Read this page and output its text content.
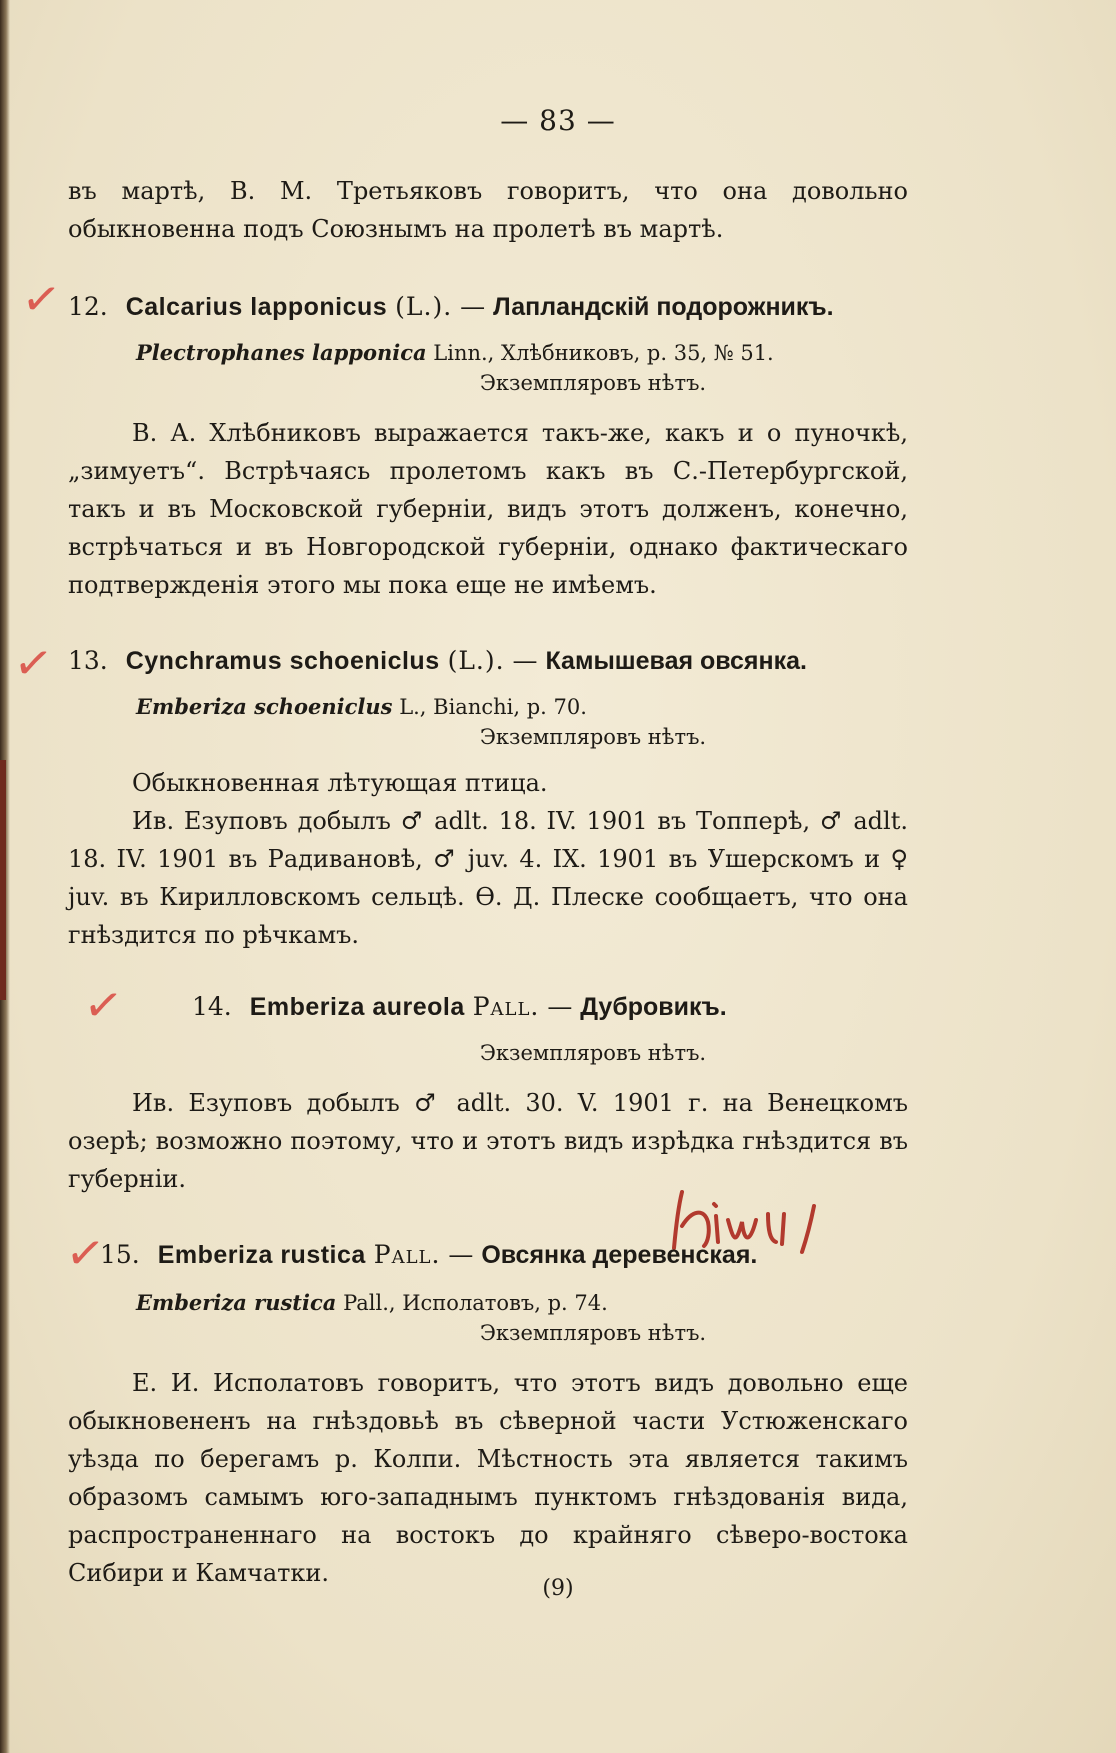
— 83 —
въ мартѣ, В. М. Третьяковъ говоритъ, что она довольно обыкновенна подъ Союзнымъ на пролетѣ въ мартѣ.
✓ 12. Calcarius lapponicus (L.). — Лапландскій подорожникъ.
Plectrophanes lapponica Linn., Хлѣбниковъ, р. 35, № 51.
Экземпляровъ нѣтъ.
В. А. Хлѣбниковъ выражается такъ-же, какъ и о пуночкѣ, „зимуетъ“. Встрѣчаясь пролетомъ какъ въ С.-Петербургской, такъ и въ Московской губерніи, видъ этотъ долженъ, конечно, встрѣчаться и въ Новгородской губерніи, однако фактическаго подтвержденія этого мы пока еще не имѣемъ.
✓ 13. Cynchramus schoeniclus (L.). — Камышевая овсянка.
Emberiza schoeniclus L., Bianchi, р. 70.
Экземпляровъ нѣтъ.
Обыкновенная лѣтующая птица.
Ив. Езуповъ добылъ ♂ adlt. 18. IV. 1901 въ Топперѣ, ♂ adlt. 18. IV. 1901 въ Радивановѣ, ♂ juv. 4. IX. 1901 въ Ушерскомъ и ♀ juv. въ Кирилловскомъ сельцѣ. Ѳ. Д. Плеске сообщаетъ, что она гнѣздится по рѣчкамъ.
✓	14. Emberiza aureola Pall. — Дубровикъ.
Экземпляровъ нѣтъ.
Ив. Езуповъ добылъ ♂ adlt. 30. V. 1901 г. на Венецкомъ озерѣ; возможно поэтому, что и этотъ видъ изрѣдка гнѣздится въ губерніи.
✓
15. Emberiza rustica Pall. — Овсянка деревенская.
Emberiza rustica Pall., Исполатовъ, р. 74.
Экземпляровъ нѣтъ.
Е. И. Исполатовъ говоритъ, что этотъ видъ довольно еще обыкновененъ на гнѣздовьѣ въ сѣверной части Устюженскаго уѣзда по берегамъ р. Колпи. Мѣстность эта является такимъ образомъ самымъ юго-западнымъ пунктомъ гнѣздованія вида, распространеннаго на востокъ до крайняго сѣверо-востока Сибири и Камчатки.
(9)
